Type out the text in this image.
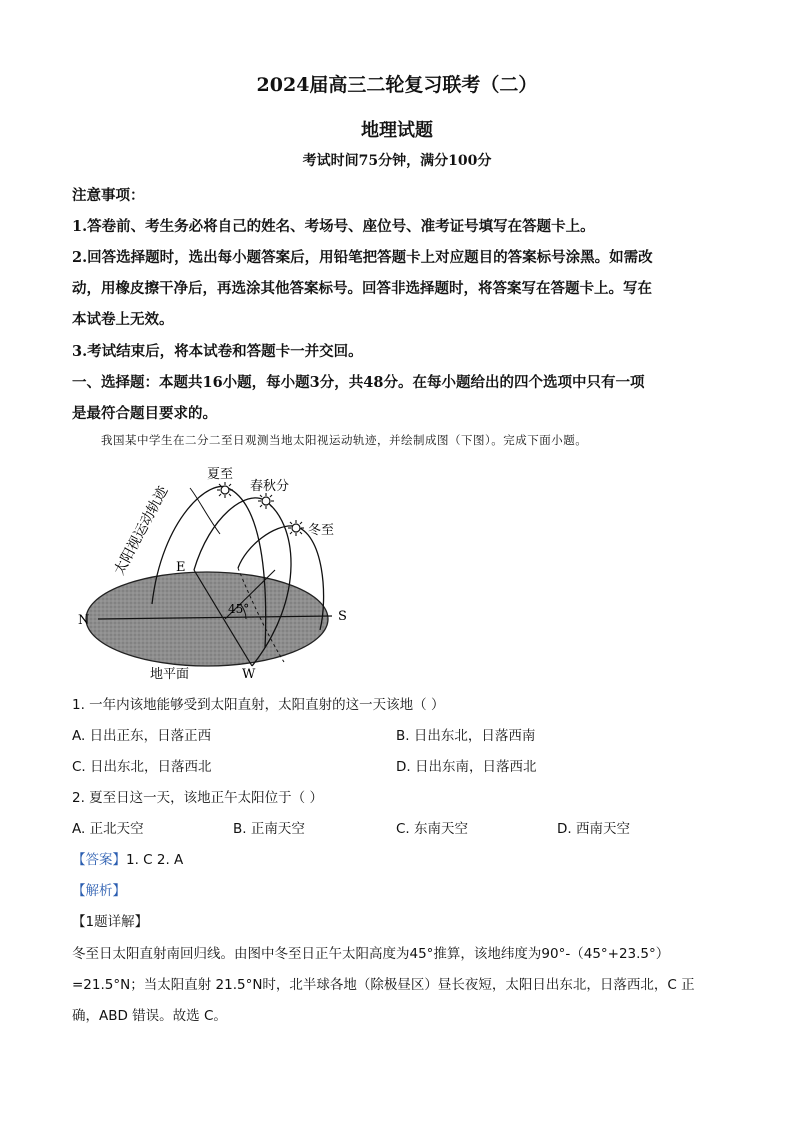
2024届高三二轮复习联考（二）
地理试题
考试时间75分钟，满分100分
注意事项：
1.答卷前、考生务必将自己的姓名、考场号、座位号、准考证号填写在答题卡上。
2.回答选择题时，选出每小题答案后，用铅笔把答题卡上对应题目的答案标号涂黑。如需改
动，用橡皮擦干净后，再选涂其他答案标号。回答非选择题时，将答案写在答题卡上。写在
本试卷上无效。
3.考试结束后，将本试卷和答题卡一并交回。
一、选择题：本题共16小题，每小题3分，共48分。在每小题给出的四个选项中只有一项
是最符合题目要求的。
我国某中学生在二分二至日观测当地太阳视运动轨迹，并绘制成图（下图）。完成下面小题。
太阳视运动轨迹
夏至
春秋分
冬至
E
W
N	S
45°
地平面
1. 一年内该地能够受到太阳直射，太阳直射的这一天该地（ ）
A. 日出正东，日落正西	B. 日出东北，日落西南
C. 日出东北，日落西北	D. 日出东南，日落西北
2. 夏至日这一天，该地正午太阳位于（ ）
A. 正北天空	B. 正南天空	C. 东南天空	D. 西南天空
【答案】1. C 2. A
【解析】
【1题详解】
冬至日太阳直射南回归线。由图中冬至日正午太阳高度为45°推算，该地纬度为90°-（45°+23.5°）
=21.5°N；当太阳直射 21.5°N时，北半球各地（除极昼区）昼长夜短，太阳日出东北，日落西北，C 正
确，ABD 错误。故选 C。
